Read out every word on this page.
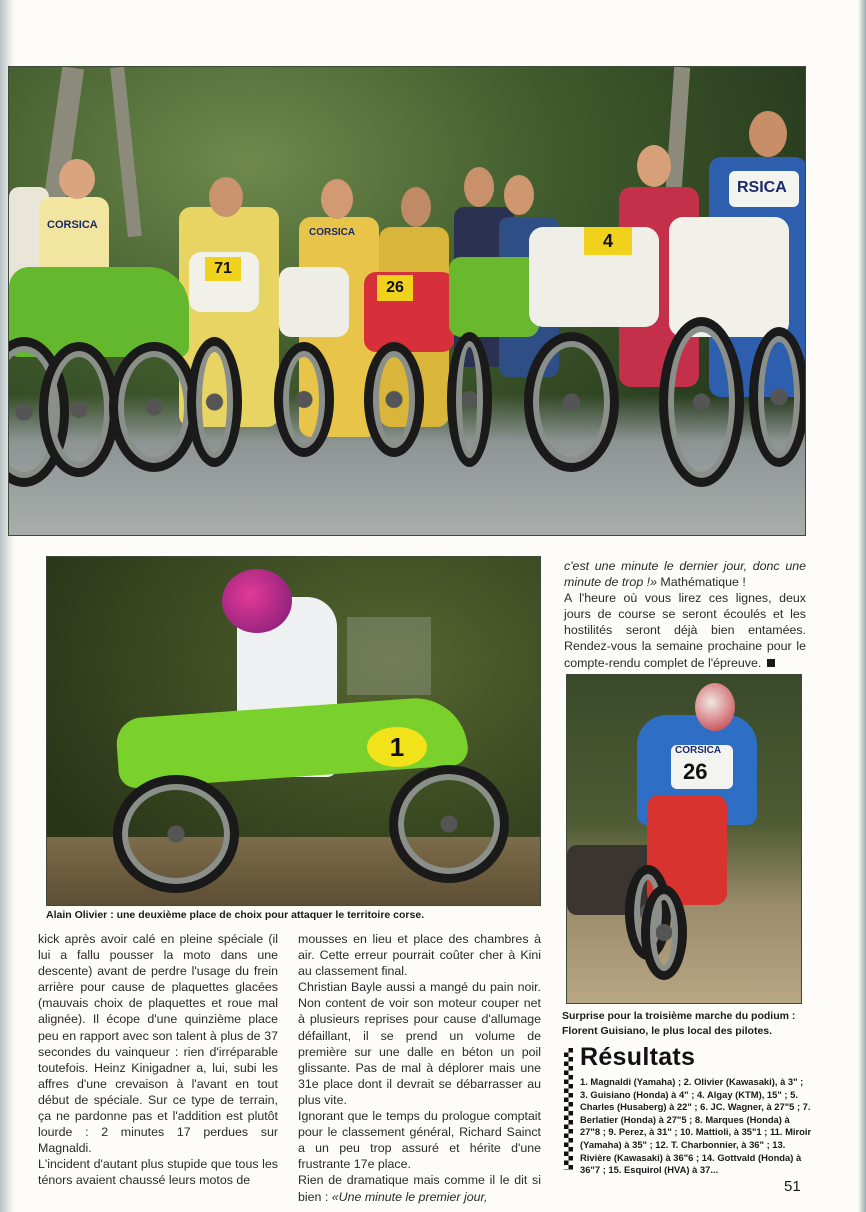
CORSICA
CORSICA
RSICA
71
26
4
1
Alain Olivier : une deuxième place de choix pour attaquer le territoire corse.
CORSICA
26
Surprise pour la troisième marche du podium :
Florent Guisiano, le plus local des pilotes.

kick après avoir calé en pleine spéciale (il lui a fallu pousser la moto dans une descente) avant de perdre l'usage du frein arrière pour cause de plaquettes glacées (mauvais choix de plaquettes et roue mal alignée). Il écope d'une quinzième place peu en rapport avec son talent à plus de 37 secondes du vainqueur : rien d'irréparable toutefois. Heinz Kinigadner a, lui, subi les affres d'une crevaison à l'avant en tout début de spéciale. Sur ce type de terrain, ça ne pardonne pas et l'addition est plutôt lourde : 2 minutes 17 perdues sur Magnaldi.

L'incident d'autant plus stupide que tous les ténors avaient chaussé leurs motos de

mousses en lieu et place des chambres à air. Cette erreur pourrait coûter cher à Kini au classement final.

Christian Bayle aussi a mangé du pain noir. Non content de voir son moteur couper net à plusieurs reprises pour cause d'allumage défaillant, il se prend un volume de première sur une dalle en béton un poil glissante. Pas de mal à déplorer mais une 31e place dont il devrait se débarrasser au plus vite.

Ignorant que le temps du prologue comptait pour le classement général, Richard Sainct a un peu trop assuré et hérite d'une frustrante 17e place.

Rien de dramatique mais comme il le dit si bien : «Une minute le premier jour,

c'est une minute le dernier jour, donc une minute de trop !» Mathématique !

A l'heure où vous lirez ces lignes, deux jours de course se seront écoulés et les hostilités seront déjà bien entamées. Rendez-vous la semaine prochaine pour le compte-rendu complet de l'épreuve.

Résultats
1. Magnaldi (Yamaha) ; 2. Olivier (Kawasaki), à 3" ; 3. Guisiano (Honda) à 4" ; 4. Algay (KTM), 15" ; 5. Charles (Husaberg) à 22" ; 6. JC. Wagner, à 27"5 ; 7. Berlatier (Honda) à 27"5 ; 8. Marques (Honda) à 27"8 ; 9. Perez, à 31" ; 10. Mattioli, à 35"1 ; 11. Miroir (Yamaha) à 35" ; 12. T. Charbonnier, à 36" ; 13. Rivière (Kawasaki) à 36"6 ; 14. Gottvald (Honda) à 36"7 ; 15. Esquirol (HVA) à 37...
51
